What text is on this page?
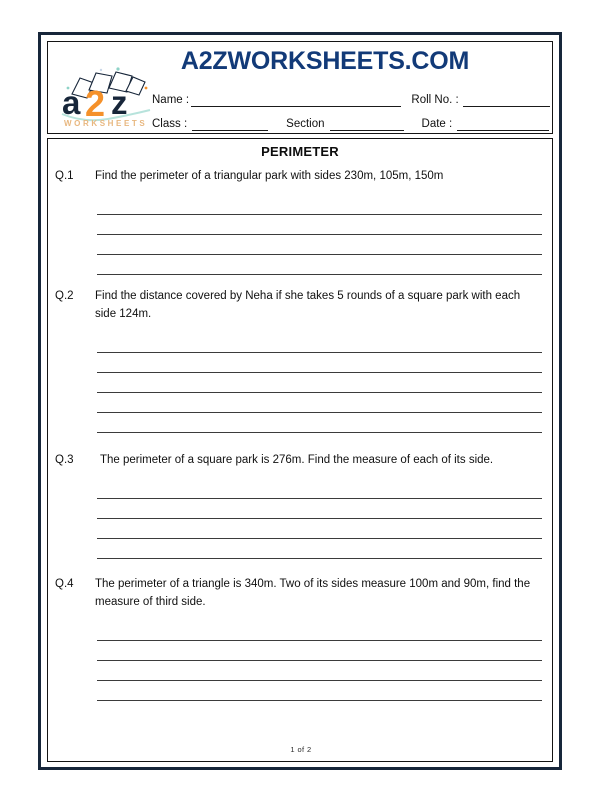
A2ZWORKSHEETS.COM
a 2 z
WORKSHEETS
Name :	Roll No. :
Class :	Section	Date :
PERIMETER
Q.1	Find the perimeter of a triangular park with sides 230m, 105m, 150m
Q.2	Find the distance covered by Neha if she takes 5 rounds of a square park with each side 124m.
Q.3	The perimeter of a square park is 276m. Find the measure of each of its side.
Q.4	The perimeter of a triangle is 340m. Two of its sides measure 100m and 90m, find the measure of third side.
1 of 2
